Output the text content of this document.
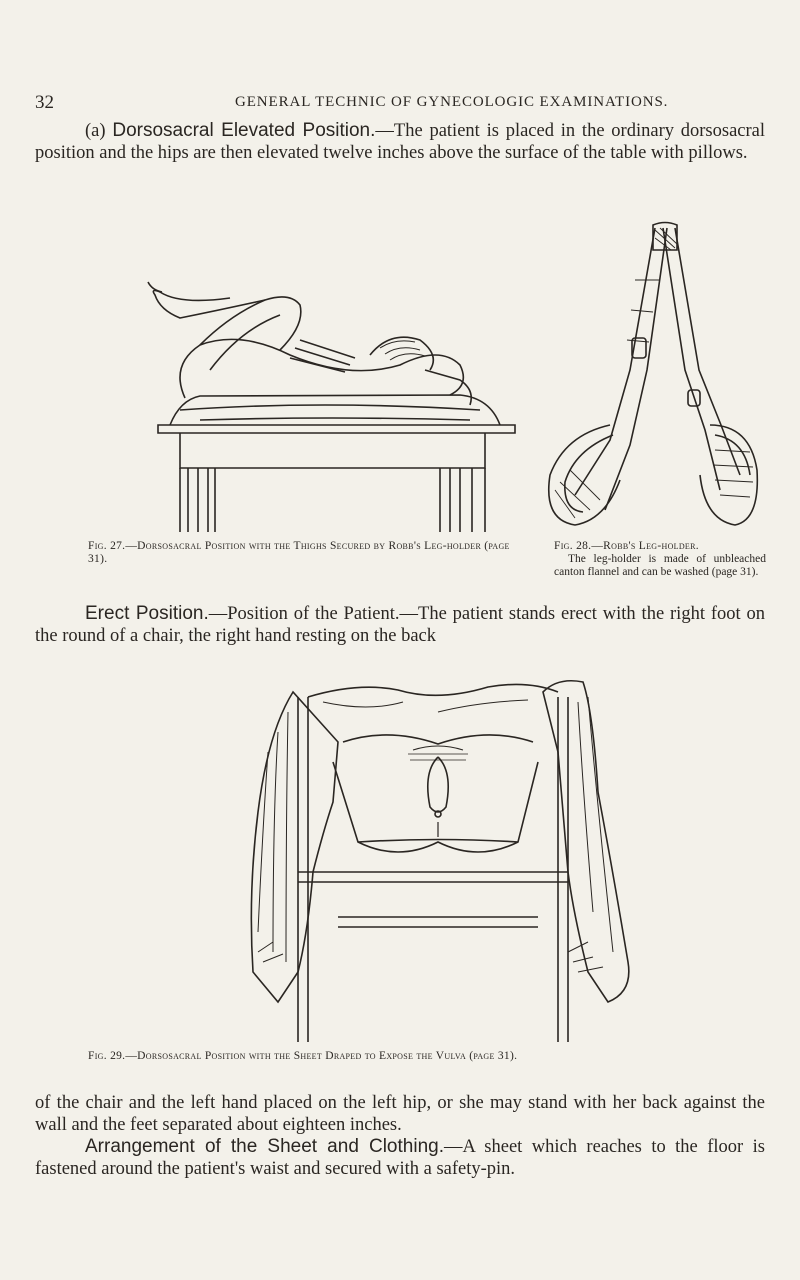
32	GENERAL TECHNIC OF GYNECOLOGIC EXAMINATIONS.

(a) Dorsosacral Elevated Position.—The patient is placed in the ordinary dorsosacral position and the hips are then elevated twelve inches above the surface of the table with pillows.

Fig. 27.—Dorsosacral Position with the Thighs Secured by Robb's Leg-holder (page 31).
Fig. 28.—Robb's Leg-holder.
The leg-holder is made of unbleached canton flannel and can be washed (page 31).

Erect Position.—Position of the Patient.—The patient stands erect with the right foot on the round of a chair, the right hand resting on the back

Fig. 29.—Dorsosacral Position with the Sheet Draped to Expose the Vulva (page 31).

of the chair and the left hand placed on the left hip, or she may stand with her back against the wall and the feet separated about eighteen inches.

Arrangement of the Sheet and Clothing.—A sheet which reaches to the floor is fastened around the patient's waist and secured with a safety-pin.
